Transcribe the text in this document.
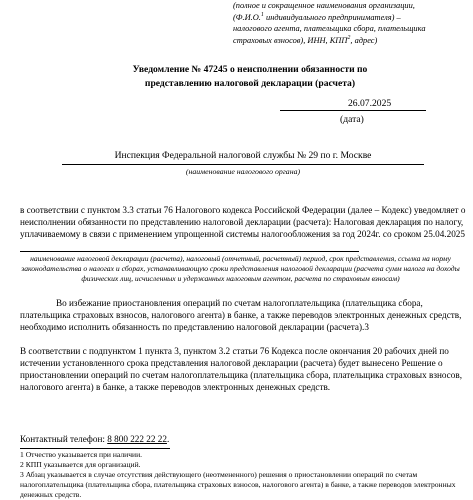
(полное и сокращенное наименования организации,
(Ф.И.О.$^1$ индивидуального предпринимателя) –
налогового агента, плательщика сбора, плательщика
страховых взносов), ИНН, КПП$^2$, адрес)
Уведомление № 47245 о неисполнении обязанности по
представлению налоговой декларации (расчета)
26.07.2025
(дата)
Инспекция Федеральной налоговой службы № 29 по г. Москве
(наименование налогового органа)
в соответствии с пунктом 3.3 статьи 76 Налогового кодекса Российской Федерации (далее – Кодекс) уведомляет о неисполнении обязанности по представлению налоговой декларации (расчета): Налоговая декларация по налогу, уплачиваемому в связи с применением упрощенной системы налогообложения за год 2024г. со сроком 25.04.2025
наименование налоговой декларации (расчета), налоговый (отчетный, расчетный) период, срок представления, ссылка на норму законодательства о налогах и сборах, устанавливающую сроки представления налоговой декларации (расчета сумм налога на доходы физических лиц, исчисленных и удержанных налоговым агентом, расчета по страховым взносам)
Во избежание приостановления операций по счетам налогоплательщика (плательщика сбора, плательщика страховых взносов, налогового агента) в банке, а также переводов электронных денежных средств, необходимо исполнить обязанность по представлению налоговой декларации (расчета).3
В соответствии с подпунктом 1 пункта 3, пунктом 3.2 статьи 76 Кодекса после окончания 20 рабочих дней по истечении установленного срока представления налоговой декларации (расчета) будет вынесено Решение о приостановлении операций по счетам налогоплательщика (плательщика сбора, плательщика страховых взносов, налогового агента) в банке, а также переводов электронных денежных средств.
Контактный телефон: 8 800 222 22 22.

1 Отчество указывается при наличии.

2 КПП указывается для организаций.

3 Абзац указывается в случае отсутствия действующего (неотмененного) решения о приостановлении операций по счетам налогоплательщика (плательщика сбора, плательщика страховых взносов, налогового агента) в банке, а также переводов электронных денежных средств.
